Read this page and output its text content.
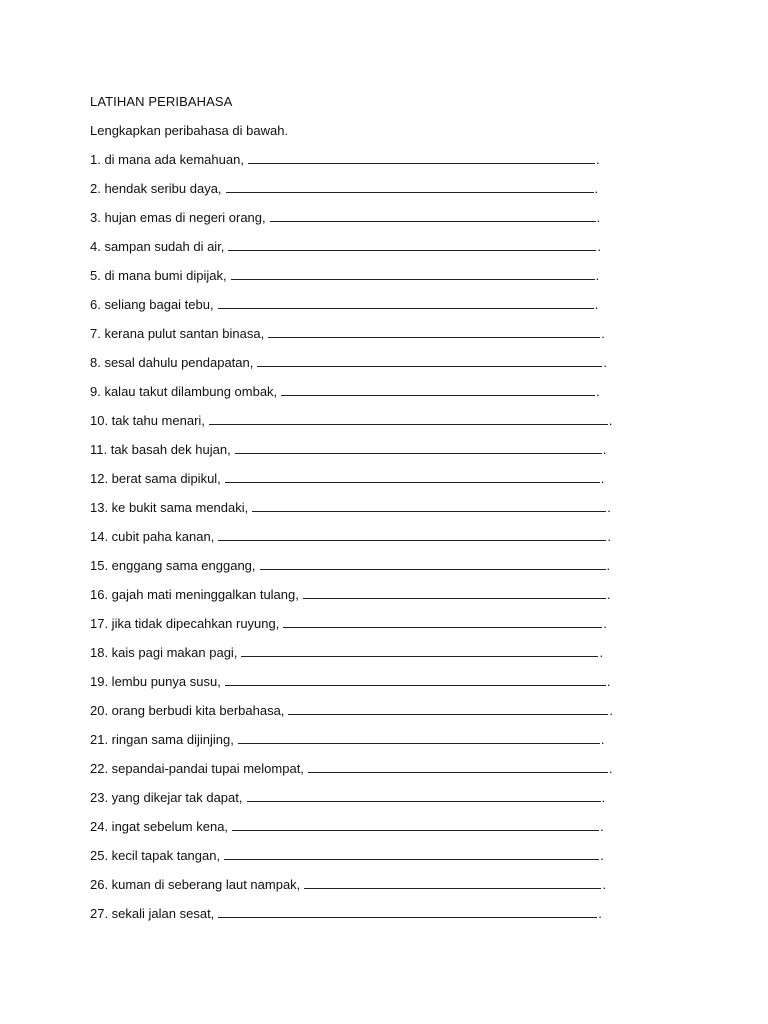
LATIHAN PERIBAHASA

Lengkapkan peribahasa di bawah.

1. di mana ada kemahuan,	.
2. hendak seribu daya,	.
3. hujan emas di negeri orang,	.
4. sampan sudah di air,	.
5. di mana bumi dipijak,	.
6. seliang bagai tebu,	.
7. kerana pulut santan binasa,	.
8. sesal dahulu pendapatan,	.
9. kalau takut dilambung ombak,	.
10. tak tahu menari,	.
11. tak basah dek hujan,	.
12. berat sama dipikul,	.
13. ke bukit sama mendaki,	.
14. cubit paha kanan,	.
15. enggang sama enggang,	.
16. gajah mati meninggalkan tulang,	.
17. jika tidak dipecahkan ruyung,	.
18. kais pagi makan pagi,	.
19. lembu punya susu,	.
20. orang berbudi kita berbahasa,	.
21. ringan sama dijinjing,	.
22. sepandai-pandai tupai melompat,	.
23. yang dikejar tak dapat,	.
24. ingat sebelum kena,	.
25. kecil tapak tangan,	.
26. kuman di seberang laut nampak,	.
27. sekali jalan sesat,	.
